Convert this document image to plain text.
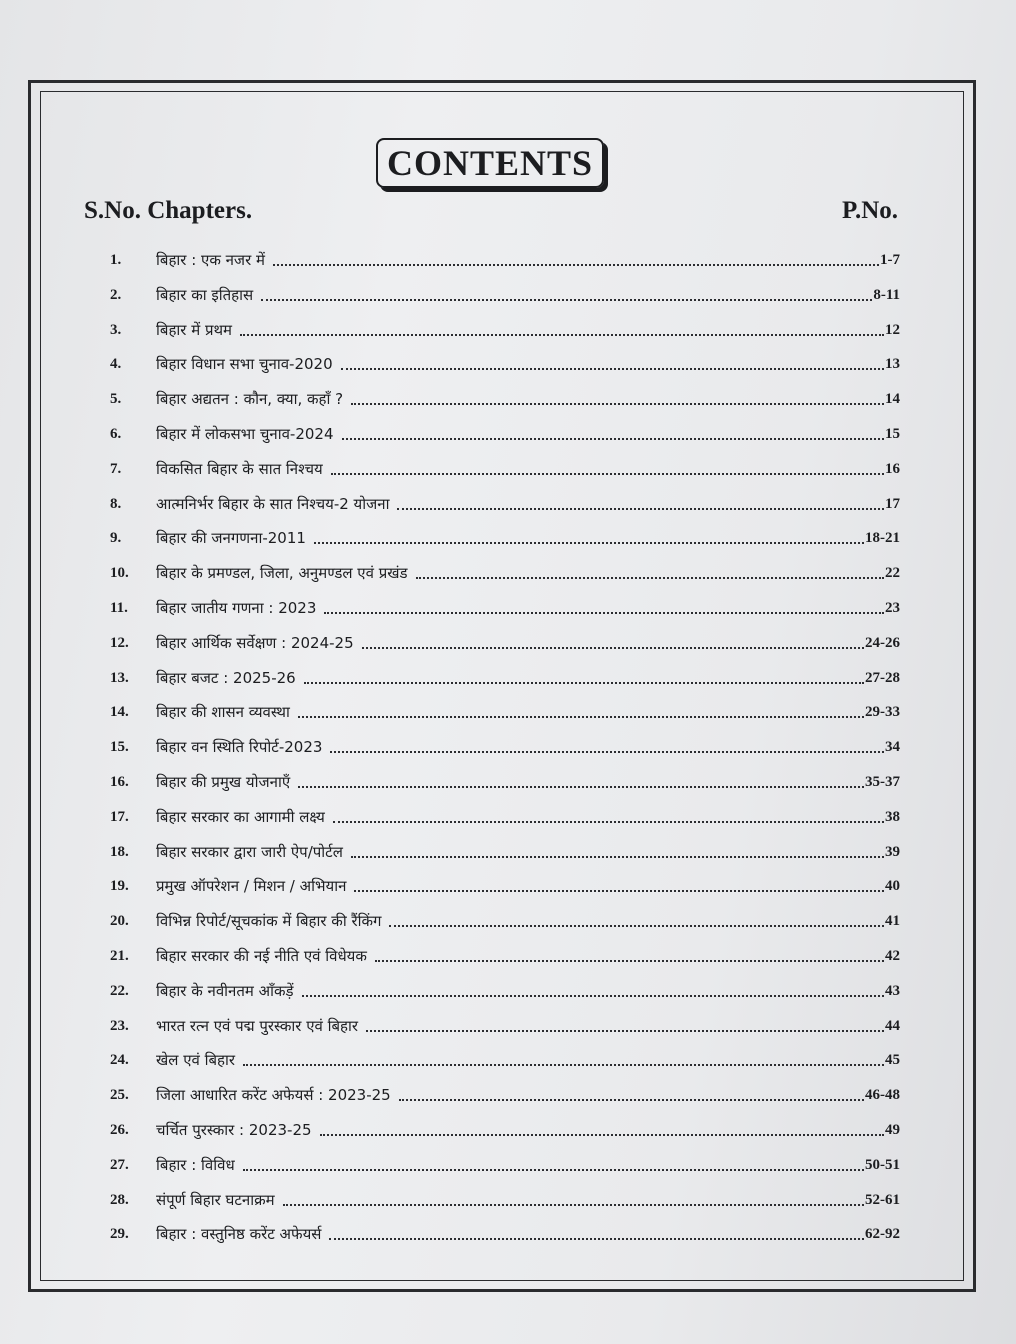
CONTENTS
S.No. Chapters.	P.No.
1.	बिहार : एक नजर में	1-7
2.	बिहार का इतिहास	8-11
3.	बिहार में प्रथम	12
4.	बिहार विधान सभा चुनाव-2020	13
5.	बिहार अद्यतन : कौन, क्या, कहाँ ?	14
6.	बिहार में लोकसभा चुनाव-2024	15
7.	विकसित बिहार के सात निश्चय	16
8.	आत्मनिर्भर बिहार के सात निश्चय-2 योजना	17
9.	बिहार की जनगणना-2011	18-21
10.	बिहार के प्रमण्डल, जिला, अनुमण्डल एवं प्रखंड	22
11.	बिहार जातीय गणना : 2023	23
12.	बिहार आर्थिक सर्वेक्षण : 2024-25	24-26
13.	बिहार बजट : 2025-26	27-28
14.	बिहार की शासन व्यवस्था	29-33
15.	बिहार वन स्थिति रिपोर्ट-2023	34
16.	बिहार की प्रमुख योजनाएँ	35-37
17.	बिहार सरकार का आगामी लक्ष्य	38
18.	बिहार सरकार द्वारा जारी ऐप/पोर्टल	39
19.	प्रमुख ऑपरेशन / मिशन / अभियान	40
20.	विभिन्न रिपोर्ट/सूचकांक में बिहार की रैंकिंग	41
21.	बिहार सरकार की नई नीति एवं विधेयक	42
22.	बिहार के नवीनतम आँकड़ें	43
23.	भारत रत्न एवं पद्म पुरस्कार एवं बिहार	44
24.	खेल एवं बिहार	45
25.	जिला आधारित करेंट अफेयर्स : 2023-25	46-48
26.	चर्चित पुरस्कार : 2023-25	49
27.	बिहार : विविध	50-51
28.	संपूर्ण बिहार घटनाक्रम	52-61
29.	बिहार : वस्तुनिष्ठ करेंट अफेयर्स	62-92
